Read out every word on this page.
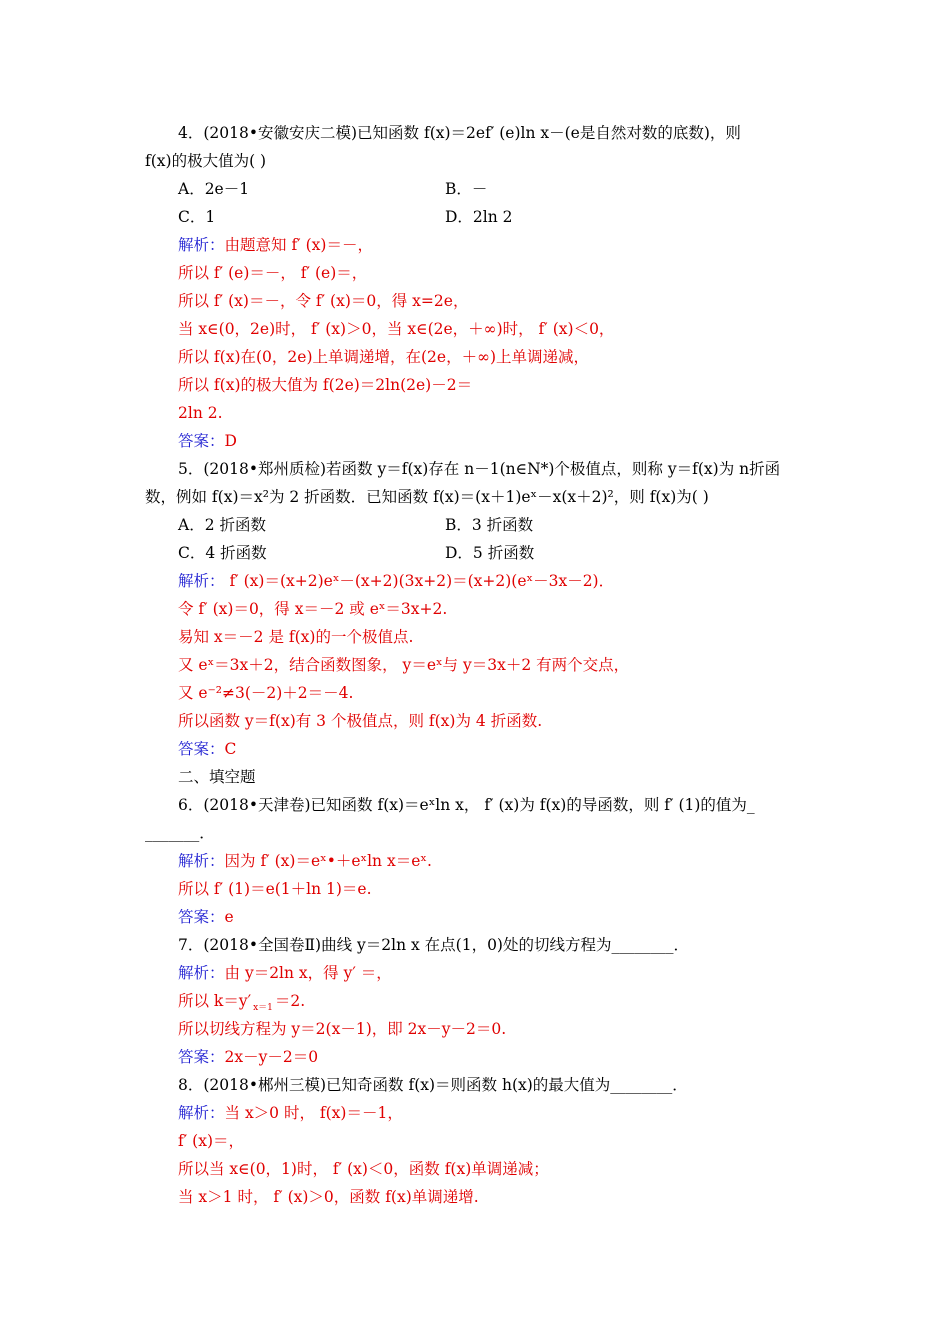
4．(2018•安徽安庆二模)已知函数 f(x)＝2ef′ (e)ln x－(e是自然对数的底数)，则
f(x)的极大值为( )
A．2e－1	B．－
C．1	D．2ln 2
解析：由题意知 f′ (x)＝－，
所以 f′ (e)＝－， f′ (e)＝，
所以 f′ (x)＝－，令 f′ (x)＝0，得 x=2e，
当 x∈(0，2e)时， f′ (x)＞0，当 x∈(2e，＋∞)时， f′ (x)＜0，
所以 f(x)在(0，2e)上单调递增，在(2e，＋∞)上单调递减，
所以 f(x)的极大值为 f(2e)＝2ln(2e)－2＝
2ln 2.
答案：D
5．(2018•郑州质检)若函数 y＝f(x)存在 n－1(n∈N*)个极值点，则称 y＝f(x)为 n折函
数，例如 f(x)＝x²为 2 折函数．已知函数 f(x)＝(x＋1)eˣ－x(x＋2)²，则 f(x)为( )
A．2 折函数	B．3 折函数
C．4 折函数	D．5 折函数
解析： f′ (x)＝(x+2)eˣ－(x+2)(3x+2)＝(x+2)(eˣ－3x－2)．
令 f′ (x)＝0，得 x＝－2 或 eˣ＝3x+2.
易知 x＝－2 是 f(x)的一个极值点.
又 eˣ＝3x＋2，结合函数图象， y＝eˣ与 y＝3x＋2 有两个交点，
又 e⁻²≠3(－2)＋2＝－4.
所以函数 y＝f(x)有 3 个极值点，则 f(x)为 4 折函数.
答案：C
二、填空题
6．(2018•天津卷)已知函数 f(x)＝eˣln x， f′ (x)为 f(x)的导函数，则 f′ (1)的值为_
_______．
解析：因为 f′ (x)＝eˣ•＋eˣln x＝eˣ.
所以 f′ (1)＝e(1＋ln 1)＝e.
答案：e
7．(2018•全国卷Ⅱ)曲线 y＝2ln x 在点(1，0)处的切线方程为________．
解析：由 y＝2ln x，得 y′ ＝，
所以 k＝y′ $_{x=1}$ ＝2.
所以切线方程为 y＝2(x－1)，即 2x－y－2＝0.
答案：2x－y－2＝0
8．(2018•郴州三模)已知奇函数 f(x)＝则函数 h(x)的最大值为________．
解析：当 x＞0 时， f(x)＝－1，
f′ (x)＝，
所以当 x∈(0，1)时， f′ (x)＜0，函数 f(x)单调递减；
当 x＞1 时， f′ (x)＞0，函数 f(x)单调递增.
